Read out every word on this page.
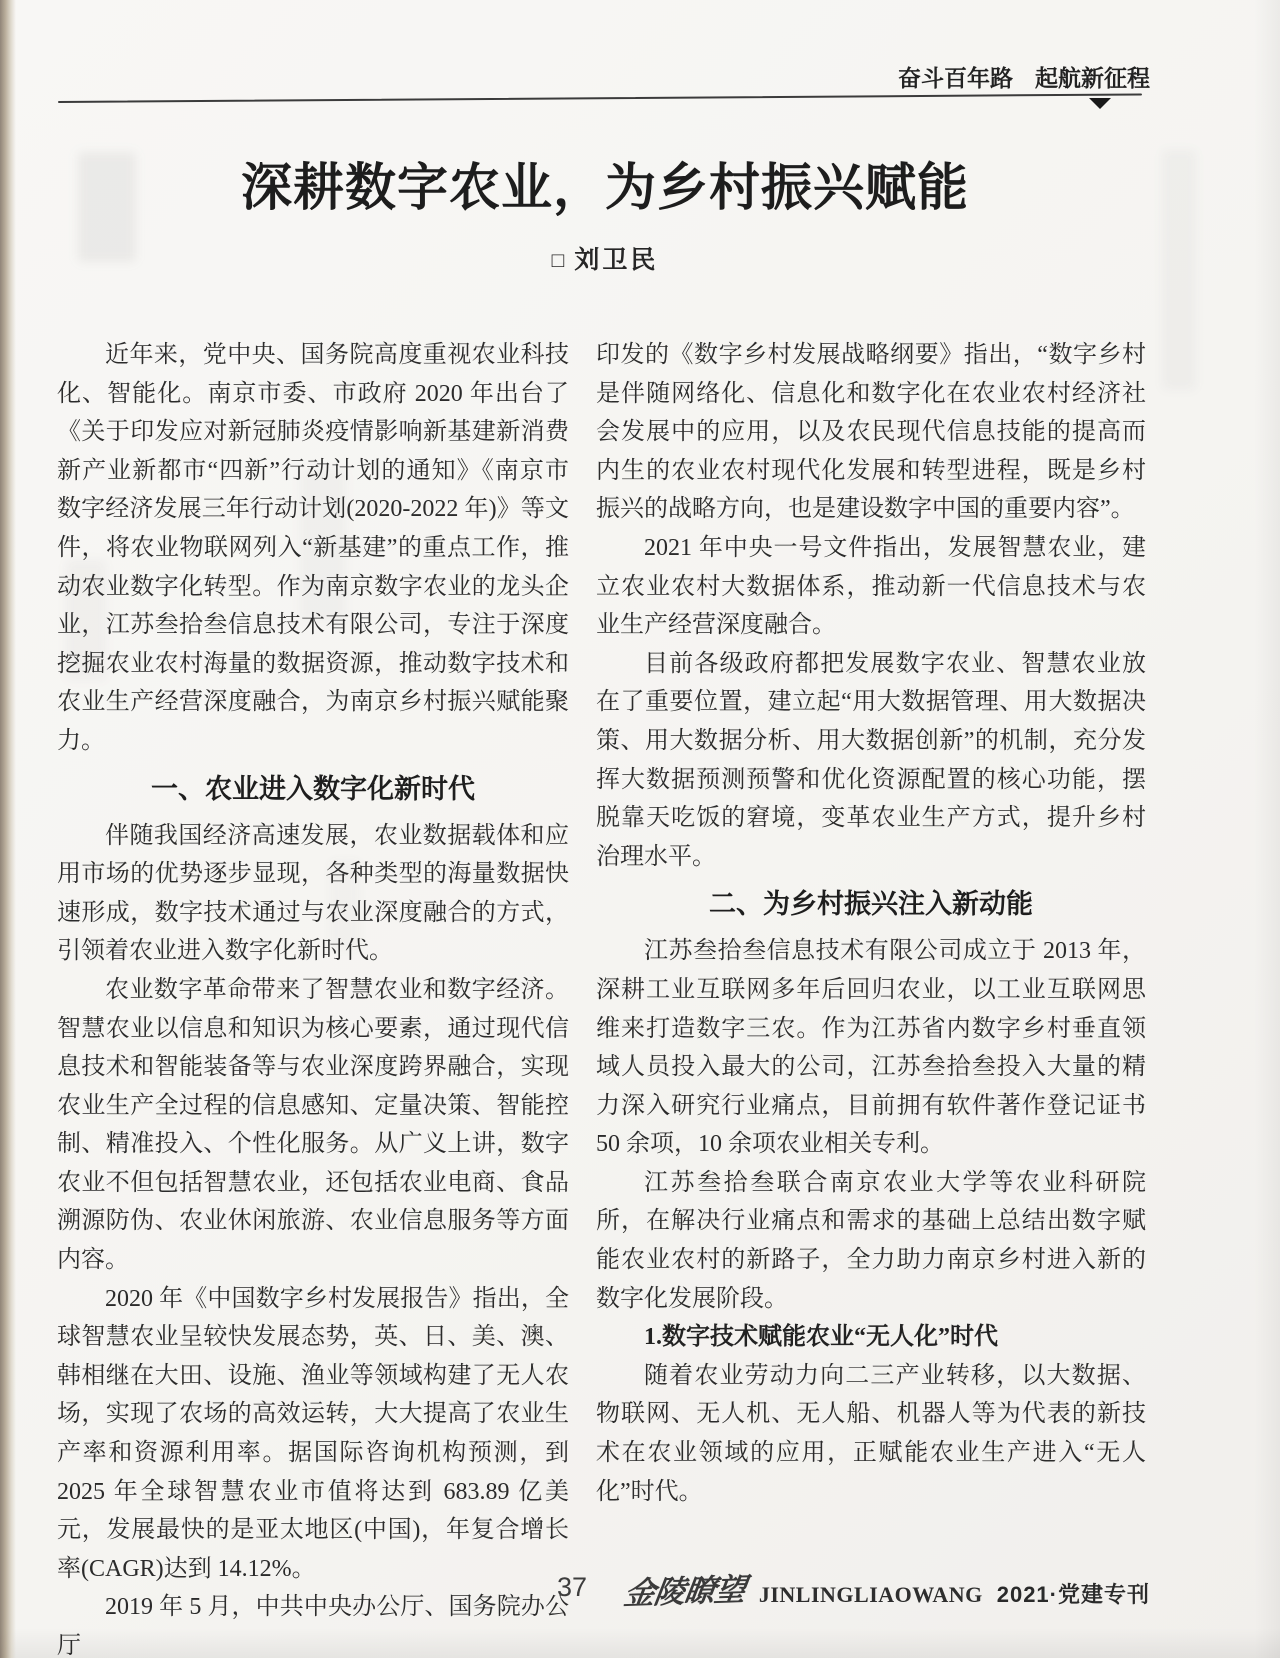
奋斗百年路 起航新征程
深耕数字农业，为乡村振兴赋能
□ 刘卫民
近年来，党中央、国务院高度重视农业科技化、智能化。南京市委、市政府 2020 年出台了《关于印发应对新冠肺炎疫情影响新基建新消费新产业新都市“四新”行动计划的通知》《南京市数字经济发展三年行动计划(2020-2022 年)》等文件，将农业物联网列入“新基建”的重点工作，推动农业数字化转型。作为南京数字农业的龙头企业，江苏叁拾叁信息技术有限公司，专注于深度挖掘农业农村海量的数据资源，推动数字技术和农业生产经营深度融合，为南京乡村振兴赋能聚力。
一、农业进入数字化新时代
伴随我国经济高速发展，农业数据载体和应用市场的优势逐步显现，各种类型的海量数据快速形成，数字技术通过与农业深度融合的方式，引领着农业进入数字化新时代。
农业数字革命带来了智慧农业和数字经济。智慧农业以信息和知识为核心要素，通过现代信息技术和智能装备等与农业深度跨界融合，实现农业生产全过程的信息感知、定量决策、智能控制、精准投入、个性化服务。从广义上讲，数字农业不但包括智慧农业，还包括农业电商、食品溯源防伪、农业休闲旅游、农业信息服务等方面内容。
2020 年《中国数字乡村发展报告》指出，全球智慧农业呈较快发展态势，英、日、美、澳、韩相继在大田、设施、渔业等领域构建了无人农场，实现了农场的高效运转，大大提高了农业生产率和资源利用率。据国际咨询机构预测，到 2025 年全球智慧农业市值将达到 683.89 亿美元，发展最快的是亚太地区(中国)，年复合增长率(CAGR)达到 14.12%。
2019 年 5 月，中共中央办公厅、国务院办公厅
印发的《数字乡村发展战略纲要》指出，“数字乡村是伴随网络化、信息化和数字化在农业农村经济社会发展中的应用，以及农民现代信息技能的提高而内生的农业农村现代化发展和转型进程，既是乡村振兴的战略方向，也是建设数字中国的重要内容”。
2021 年中央一号文件指出，发展智慧农业，建立农业农村大数据体系，推动新一代信息技术与农业生产经营深度融合。
目前各级政府都把发展数字农业、智慧农业放在了重要位置，建立起“用大数据管理、用大数据决策、用大数据分析、用大数据创新”的机制，充分发挥大数据预测预警和优化资源配置的核心功能，摆脱靠天吃饭的窘境，变革农业生产方式，提升乡村治理水平。
二、为乡村振兴注入新动能
江苏叁拾叁信息技术有限公司成立于 2013 年，深耕工业互联网多年后回归农业，以工业互联网思维来打造数字三农。作为江苏省内数字乡村垂直领域人员投入最大的公司，江苏叁拾叁投入大量的精力深入研究行业痛点，目前拥有软件著作登记证书 50 余项，10 余项农业相关专利。
江苏叁拾叁联合南京农业大学等农业科研院所，在解决行业痛点和需求的基础上总结出数字赋能农业农村的新路子，全力助力南京乡村进入新的数字化发展阶段。
1.数字技术赋能农业“无人化”时代
随着农业劳动力向二三产业转移，以大数据、物联网、无人机、无人船、机器人等为代表的新技术在农业领域的应用，正赋能农业生产进入“无人化”时代。
37 金陵瞭望 JINLINGLIAOWANG 2021·党建专刊
